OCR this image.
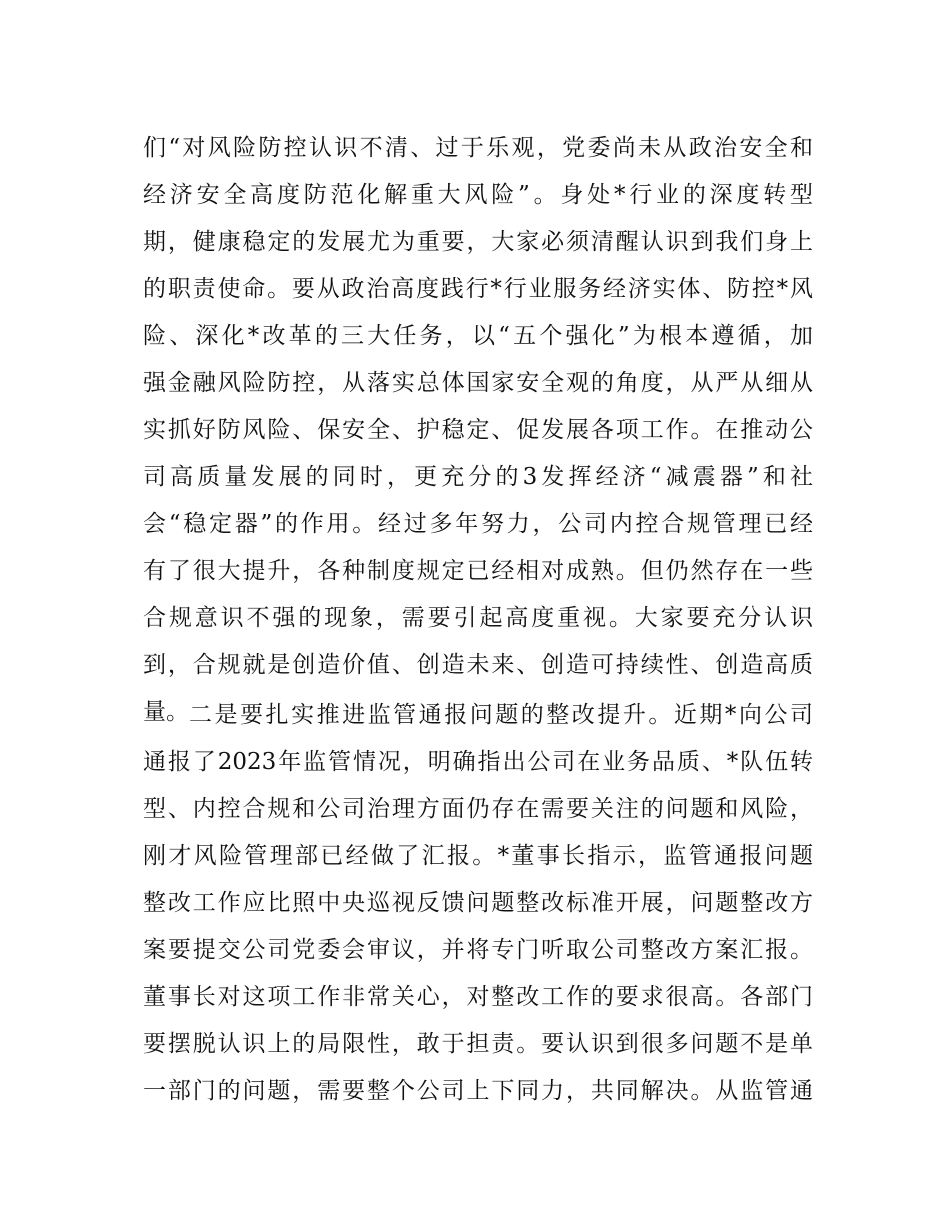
们“对风险防控认识不清、过于乐观，党委尚未从政治安全和
经济安全高度防范化解重大风险”。身处*行业的深度转型
期，健康稳定的发展尤为重要，大家必须清醒认识到我们身上
的职责使命。要从政治高度践行*行业服务经济实体、防控*风
险、深化*改革的三大任务，以“五个强化”为根本遵循，加
强金融风险防控，从落实总体国家安全观的角度，从严从细从
实抓好防风险、保安全、护稳定、促发展各项工作。在推动公
司高质量发展的同时，更充分的3发挥经济“减震器”和社
会“稳定器”的作用。经过多年努力，公司内控合规管理已经
有了很大提升，各种制度规定已经相对成熟。但仍然存在一些
合规意识不强的现象，需要引起高度重视。大家要充分认识
到，合规就是创造价值、创造未来、创造可持续性、创造高质
量。 二是要扎实推进监管通报问题的整改提升。近期*向公司
通报了2023年监管情况，明确指出公司在业务品质、*队伍转
型、内控合规和公司治理方面仍存在需要关注的问题和风险，
刚才风险管理部已经做了汇报。*董事长指示，监管通报问题
整改工作应比照中央巡视反馈问题整改标准开展，问题整改方
案要提交公司党委会审议，并将专门听取公司整改方案汇报。
董事长对这项工作非常关心，对整改工作的要求很高。各部门
要摆脱认识上的局限性，敢于担责。要认识到很多问题不是单
一部门的问题，需要整个公司上下同力，共同解决。从监管通
